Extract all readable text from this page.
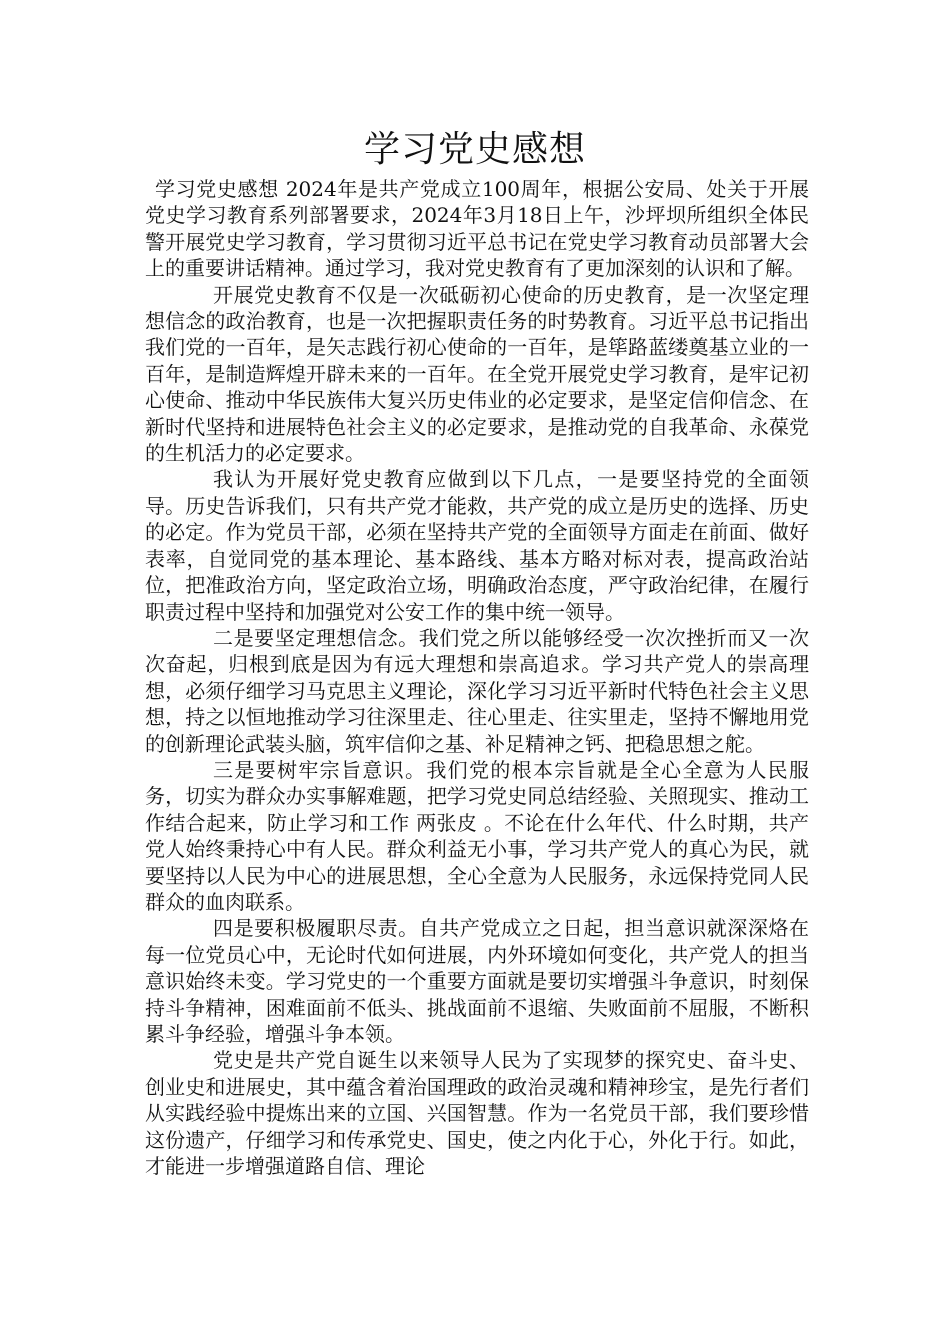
学习党史感想

学习党史感想 2024年是共产党成立100周年，根据公安局、处关于开展党史学习教育系列部署要求，2024年3月18日上午，沙坪坝所组织全体民警开展党史学习教育，学习贯彻习近平总书记在党史学习教育动员部署大会上的重要讲话精神。通过学习，我对党史教育有了更加深刻的认识和了解。

开展党史教育不仅是一次砥砺初心使命的历史教育，是一次坚定理想信念的政治教育，也是一次把握职责任务的时势教育。习近平总书记指出我们党的一百年，是矢志践行初心使命的一百年，是筚路蓝缕奠基立业的一百年，是制造辉煌开辟未来的一百年。在全党开展党史学习教育，是牢记初心使命、推动中华民族伟大复兴历史伟业的必定要求，是坚定信仰信念、在新时代坚持和进展特色社会主义的必定要求，是推动党的自我革命、永葆党的生机活力的必定要求。

我认为开展好党史教育应做到以下几点，一是要坚持党的全面领导。历史告诉我们，只有共产党才能救，共产党的成立是历史的选择、历史的必定。作为党员干部，必须在坚持共产党的全面领导方面走在前面、做好表率，自觉同党的基本理论、基本路线、基本方略对标对表，提高政治站位，把准政治方向，坚定政治立场，明确政治态度，严守政治纪律，在履行职责过程中坚持和加强党对公安工作的集中统一领导。

二是要坚定理想信念。我们党之所以能够经受一次次挫折而又一次次奋起，归根到底是因为有远大理想和崇高追求。学习共产党人的崇高理想，必须仔细学习马克思主义理论，深化学习习近平新时代特色社会主义思想，持之以恒地推动学习往深里走、往心里走、往实里走，坚持不懈地用党的创新理论武装头脑，筑牢信仰之基、补足精神之钙、把稳思想之舵。

三是要树牢宗旨意识。我们党的根本宗旨就是全心全意为人民服务，切实为群众办实事解难题，把学习党史同总结经验、关照现实、推动工作结合起来，防止学习和工作 两张皮 。不论在什么年代、什么时期，共产党人始终秉持心中有人民。群众利益无小事，学习共产党人的真心为民，就要坚持以人民为中心的进展思想，全心全意为人民服务，永远保持党同人民群众的血肉联系。

四是要积极履职尽责。自共产党成立之日起，担当意识就深深烙在每一位党员心中，无论时代如何进展，内外环境如何变化，共产党人的担当意识始终未变。学习党史的一个重要方面就是要切实增强斗争意识，时刻保持斗争精神，困难面前不低头、挑战面前不退缩、失败面前不屈服，不断积累斗争经验，增强斗争本领。

党史是共产党自诞生以来领导人民为了实现梦的探究史、奋斗史、创业史和进展史，其中蕴含着治国理政的政治灵魂和精神珍宝，是先行者们从实践经验中提炼出来的立国、兴国智慧。作为一名党员干部，我们要珍惜这份遗产，仔细学习和传承党史、国史，使之内化于心，外化于行。如此，才能进一步增强道路自信、理论
